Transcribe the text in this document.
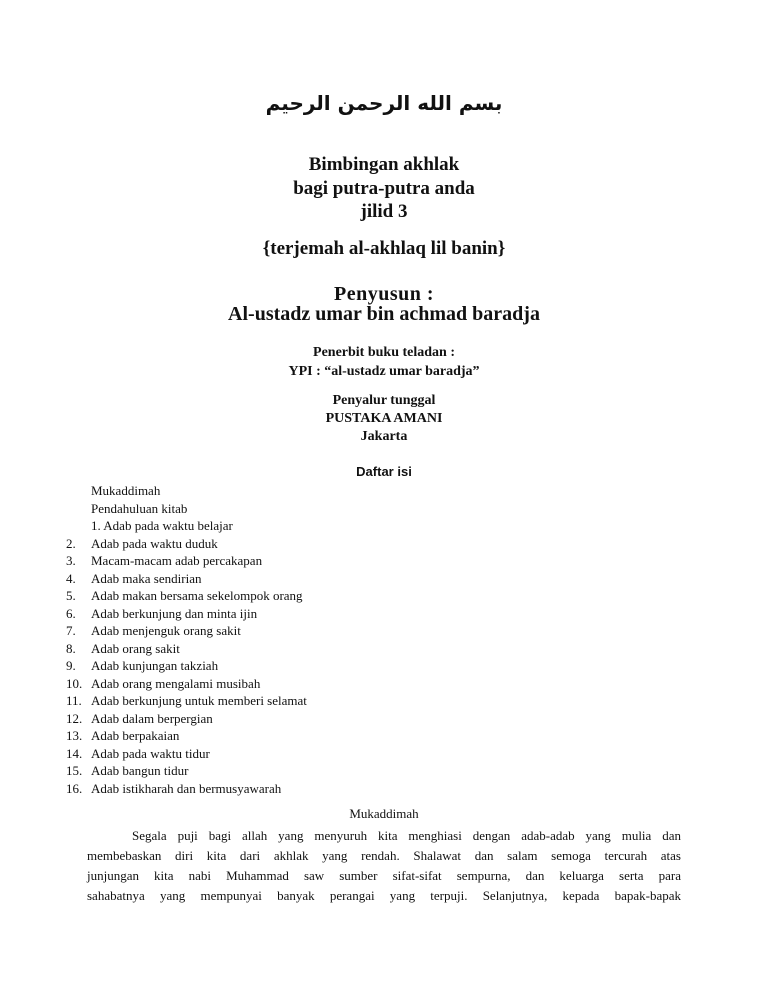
بسم الله الرحمن الرحيم
Bimbingan akhlak
bagi putra-putra anda
jilid 3
{terjemah al-akhlaq lil banin}
Penyusun :
Al-ustadz umar bin achmad baradja
Penerbit buku teladan :
YPI : “al-ustadz umar baradja”
Penyalur tunggal
PUSTAKA AMANI
Jakarta
Daftar isi
Mukaddimah
Pendahuluan kitab
1. Adab pada waktu belajar
2.	Adab pada waktu duduk
3.	Macam-macam adab percakapan
4.	Adab maka sendirian
5.	Adab makan bersama sekelompok orang
6.	Adab berkunjung dan minta ijin
7.	Adab menjenguk orang sakit
8.	Adab orang sakit
9.	Adab kunjungan takziah
10. Adab orang mengalami musibah
11. Adab berkunjung untuk memberi selamat
12. Adab dalam berpergian
13. Adab berpakaian
14. Adab pada waktu tidur
15. Adab bangun tidur
16. Adab istikharah dan bermusyawarah
Mukaddimah
Segala puji bagi allah yang menyuruh kita menghiasi dengan adab-adab yang mulia dan
membebaskan diri kita dari akhlak yang rendah. Shalawat dan salam semoga tercurah atas
junjungan kita nabi Muhammad saw sumber sifat-sifat sempurna, dan keluarga serta para
sahabatnya yang mempunyai banyak perangai yang terpuji. Selanjutnya, kepada bapak-bapak
